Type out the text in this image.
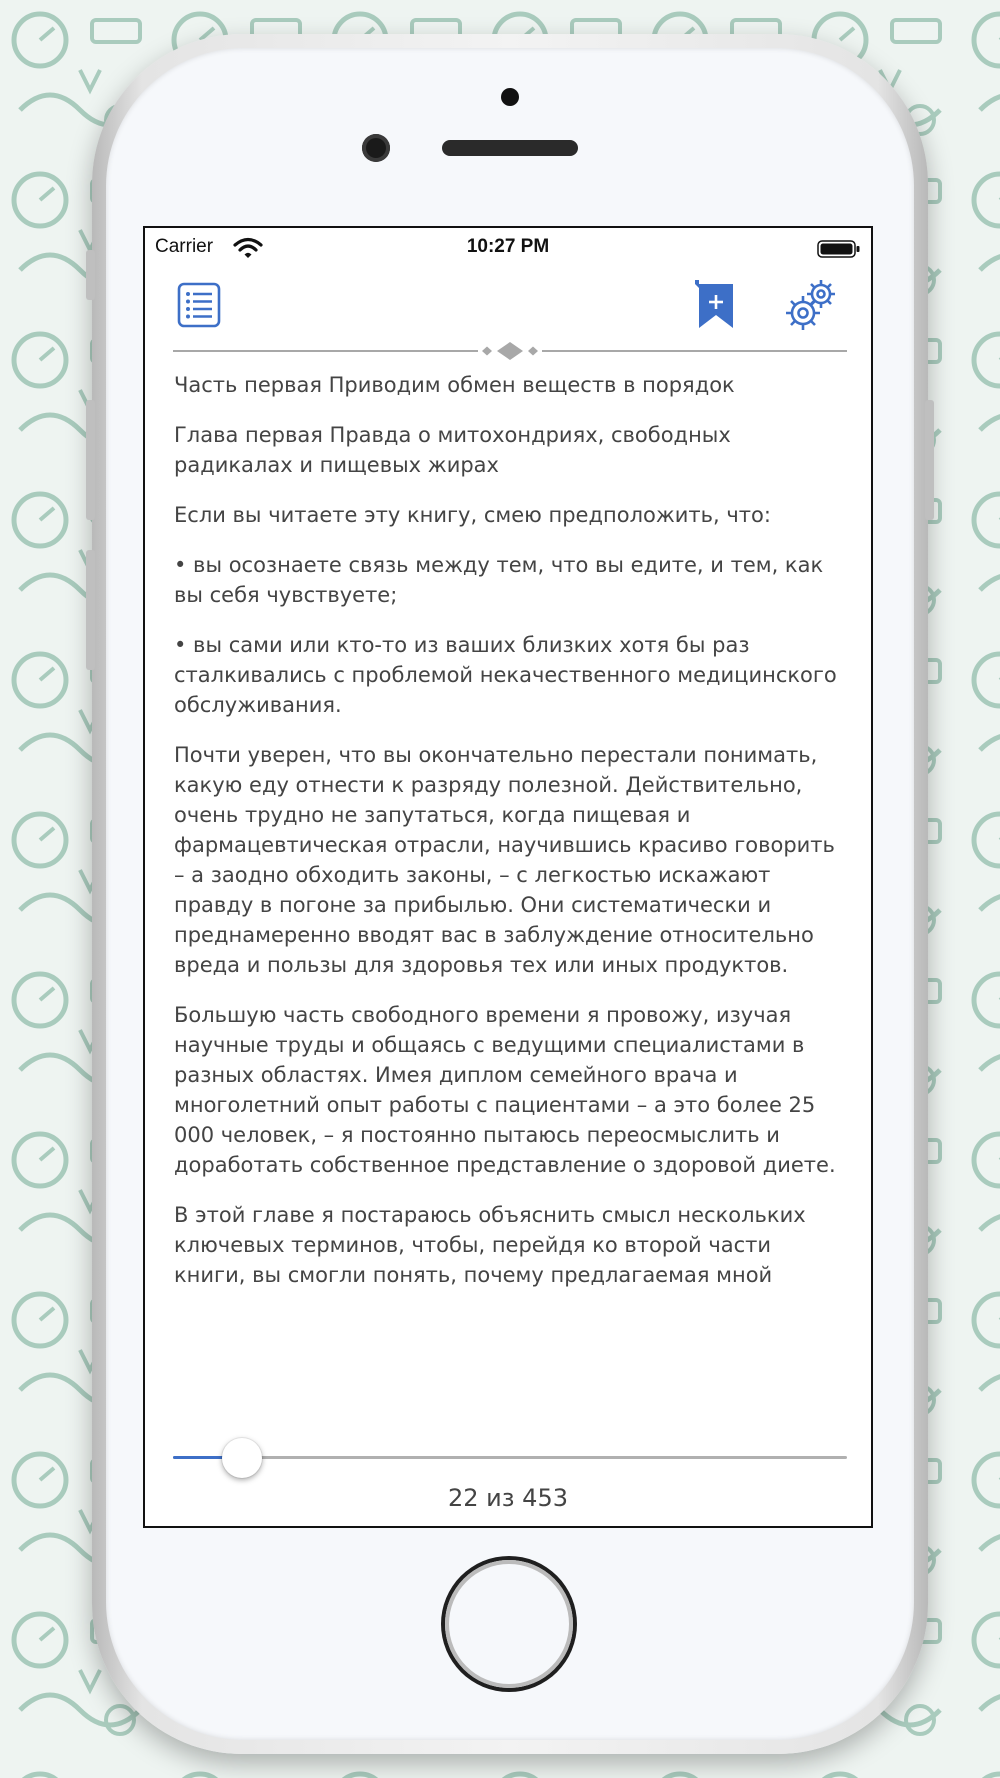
Carrier	10:27 PM

Часть первая Приводим обмен веществ в порядок

Глава первая Правда о митохондриях, свободных радикалах и пищевых жирах

Если вы читаете эту книгу, смею предположить, что:

• вы осознаете связь между тем, что вы едите, и тем, как вы себя чувствуете;

• вы сами или кто-то из ваших близких хотя бы раз сталкивались с проблемой некачественного медицинского обслуживания.

Почти уверен, что вы окончательно перестали понимать, какую еду отнести к разряду полезной. Действительно, очень трудно не запутаться, когда пищевая и фармацевтическая отрасли, научившись красиво говорить – а заодно обходить законы, – с легкостью искажают правду в погоне за прибылью. Они систематически и преднамеренно вводят вас в заблуждение относительно вреда и пользы для здоровья тех или иных продуктов.

Большую часть свободного времени я провожу, изучая научные труды и общаясь с ведущими специалистами в разных областях. Имея диплом семейного врача и многолетний опыт работы с пациентами – а это более 25 000 человек, – я постоянно пытаюсь переосмыслить и доработать собственное представление о здоровой диете.

В этой главе я постараюсь объяснить смысл нескольких ключевых терминов, чтобы, перейдя ко второй части книги, вы смогли понять, почему предлагаемая мной

22 из 453
